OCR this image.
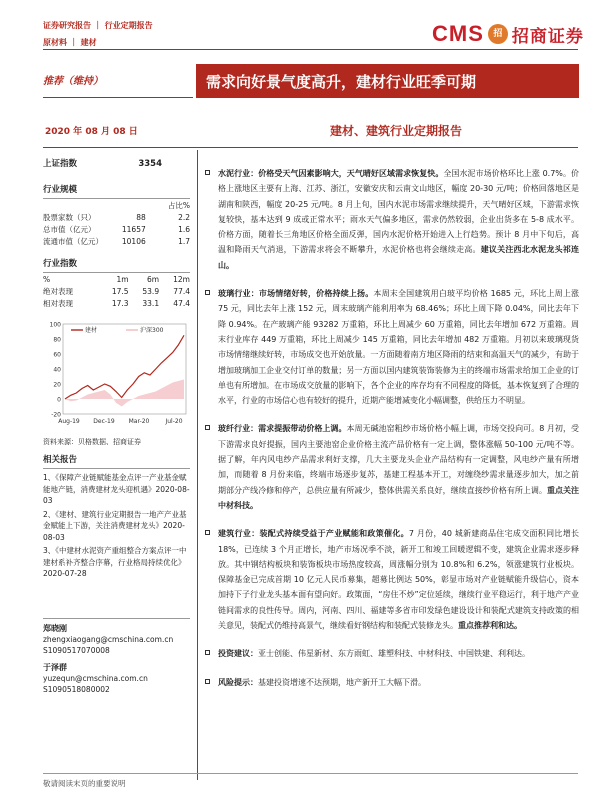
证券研究报告 ｜ 行业定期报告
原材料 ｜ 建材	CMS	招 招商证券
推荐（维持）	需求向好景气度高升，建材行业旺季可期
2020 年 08 月 08 日	建材、建筑行业定期报告
上证指数	3354
行业规模
		占比%
股票家数（只）	88	2.2
总市值（亿元）	11657	1.6
流通市值（亿元）	10106	1.7
行业指数
%	1m	6m	12m
绝对表现	17.5	53.9	77.4
相对表现	17.3	33.1	47.4
100
80
60
40
20
0
-20
Aug-19 Dec-19 Mar-20	Jul-20
建材	沪深300
资料来源：贝格数据、招商证券
相关报告

1、《保障产业链赋能基金点评一产业基金赋能地产链，消费建材龙头迎机遇》2020-08-03

2、《建材、建筑行业定期报告一地产产业基金赋能上下游，关注消费建材龙头》2020-08-03

3、《中建材水泥资产重组整合方案点评一中建材系补齐整合序幕，行业格局持续优化》2020-07-28

郑晓刚
zhengxiaogang@cmschina.com.cn
S1090517070008
于泽群
yuzequn@cmschina.com.cn
S1090518080002
水泥行业：价格受天气因素影响大，天气晴好区域需求恢复快。全国水泥市场价格环比上涨 0.7%。价格上涨地区主要有上海、江苏、浙江，安徽安庆和云南文山地区，幅度 20-30 元/吨；价格回落地区是湖南和陕西，幅度 20-25 元/吨。8 月上旬，国内水泥市场需求继续提升，天气晴好区域，下游需求恢复较快，基本达到 9 成或正常水平；雨水天气偏多地区，需求仍然较弱，企业出货多在 5-8 成水平。价格方面，随着长三角地区价格全面反弹，国内水泥价格开始进入上行趋势。预计 8 月中下旬后，高温和降雨天气消退，下游需求将会不断攀升，水泥价格也将会继续走高。建议关注西北水泥龙头祁连山。
玻璃行业：市场情绪好转，价格持续上扬。本周末全国建筑用白玻平均价格 1685 元，环比上周上涨 75 元，同比去年上涨 152 元，周末玻璃产能利用率为 68.46%；环比上周下降 0.04%，同比去年下降 0.94%。在产玻璃产能 93282 万重箱，环比上周减少 60 万重箱，同比去年增加 672 万重箱。周末行业库存 449 万重箱，环比上周减少 145 万重箱，同比去年增加 482 万重箱。月初以来玻璃现货市场情绪继续好转，市场成交也开始放量。一方面随着南方地区降雨的结束和高温天气的减少，有助于增加玻璃加工企业交付订单的数量；另一方面以国内建筑装饰装修为主的终端市场需求给加工企业的订单也有所增加。在市场成交放量的影响下，各个企业的库存均有不同程度的降低，基本恢复到了合理的水平，行业的市场信心也有较好的提升，近期产能增减变化小幅调整，供给压力不明显。
玻纤行业：需求提振带动价格上调。本周无碱池窑粗纱市场价格小幅上调，市场交投向可。8 月初，受下游需求良好提振，国内主要池窑企业价格主流产品价格有一定上调，整体涨幅 50-100 元/吨不等。据了解，年内风电纱产品需求利好支撑，几大主要龙头企业产品结构有一定调整，风电纱产量有所增加，而随着 8 月份来临，终端市场逐步复苏，基建工程基本开工，对缠绕纱需求量逐步加大，加之前期部分产线冷修和停产，总供应量有所减少，整体供需关系良好，继续直接纱价格有所上调。重点关注中材科技。
建筑行业：装配式持续受益于产业赋能和政策催化。7 月份，40 城新建商品住宅成交面积同比增长 18%，已连续 3 个月正增长，地产市场况季不淡，新开工和竣工回暖逻辑不变，建筑企业需求逐步释放。其中钢结构板块和装饰板块市场热度较高，周涨幅分别为 10.8%和 6.2%，领涨建筑行业板块。保障基金已完成首期 10 亿元人民币募集，超募比例达 50%，彰显市场对产业链赋能升级信心，资本加持下子行业龙头基本面有望向好。政策面，“房住不炒”定位延续，继续行业平稳运行，利于地产产业链间需求的良性传导。周内，河南、四川、福建等多省市印发绿色建设设计和装配式建筑支持政策的相关意见，装配式仍维持高景气，继续看好钢结构和装配式装修龙头。重点推荐利和达。
投资建议：亚士创能、伟星新材、东方雨虹、雄塑科技、中材科技、中国铁建、利利达。
风险提示：基建投资增速不达预期，地产新开工大幅下滑。
敬请阅读末页的重要说明
